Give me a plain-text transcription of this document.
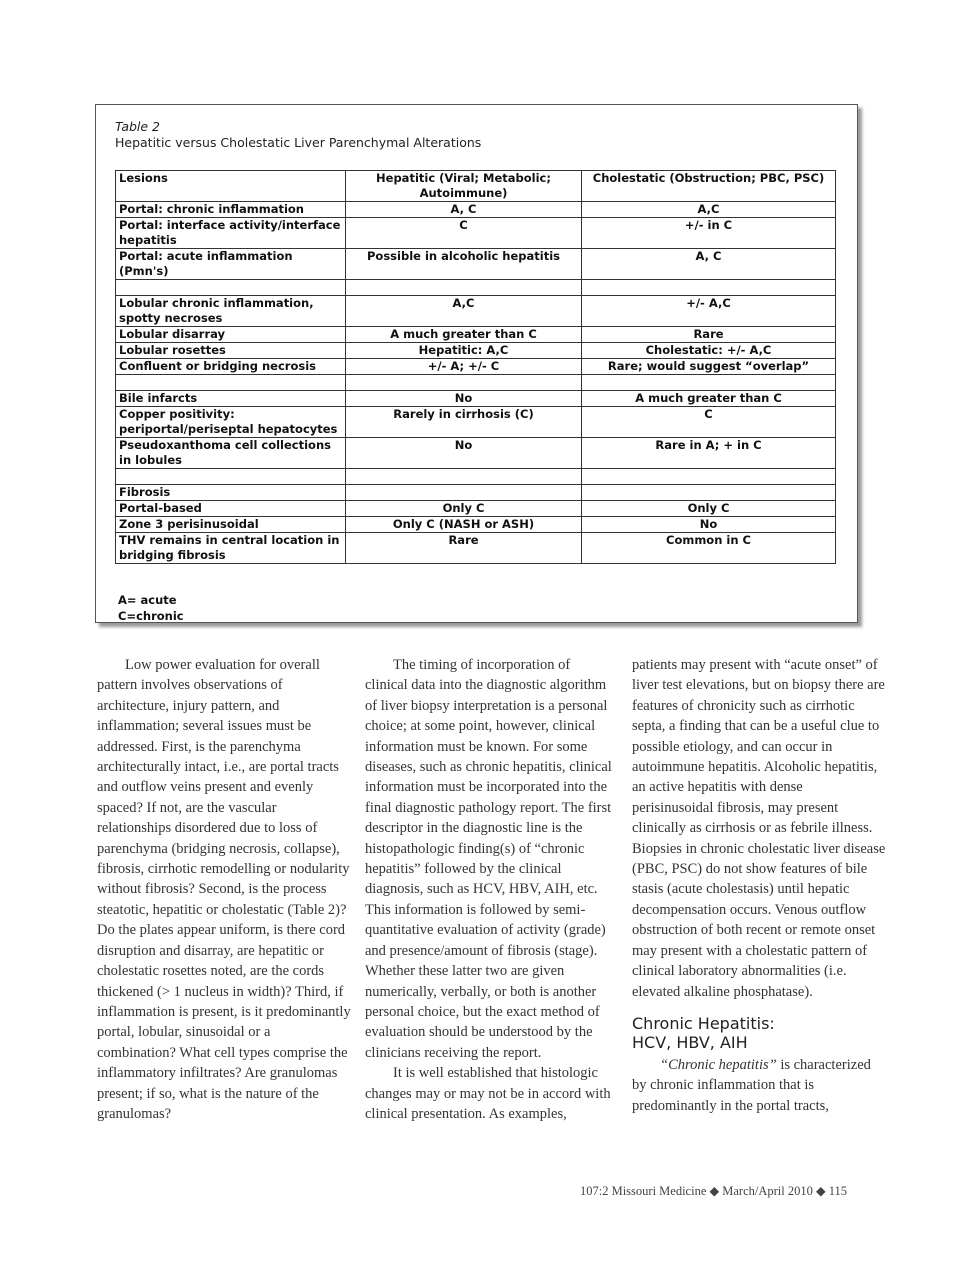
Table 2
Hepatitic versus Cholestatic Liver Parenchymal Alterations
Lesions	Hepatitic (Viral; Metabolic; Autoimmune)	Cholestatic (Obstruction; PBC, PSC)
Portal: chronic inflammation	A, C	A,C
Portal: interface activity/interface hepatitis	C	+/- in C
Portal: acute inflammation (Pmn's)	Possible in alcoholic hepatitis	A, C

Lobular chronic inflammation, spotty necroses	A,C	+/- A,C
Lobular disarray	A much greater than C	Rare
Lobular rosettes	Hepatitic: A,C	Cholestatic: +/- A,C
Confluent or bridging necrosis	+/- A; +/- C	Rare; would suggest “overlap”

Bile infarcts	No	A much greater than C
Copper positivity: periportal/periseptal hepatocytes	Rarely in cirrhosis (C)	C
Pseudoxanthoma cell collections in lobules	No	Rare in A; + in C

Fibrosis		
Portal-based	Only C	Only C
Zone 3 perisinusoidal	Only C (NASH or ASH)	No
THV remains in central location in bridging fibrosis	Rare	Common in C
A= acute
C=chronic

Low power evaluation for overall pattern involves observations of architecture, injury pattern, and inflammation; several issues must be addressed. First, is the parenchyma architecturally intact, i.e., are portal tracts and outflow veins present and evenly spaced? If not, are the vascular relationships disordered due to loss of parenchyma (bridging necrosis, collapse), fibrosis, cirrhotic remodelling or nodularity without fibrosis? Second, is the process steatotic, hepatitic or cholestatic (Table 2)? Do the plates appear uniform, is there cord disruption and disarray, are hepatitic or cholestatic rosettes noted, are the cords thickened (> 1 nucleus in width)? Third, if inflammation is present, is it predominantly portal, lobular, sinusoidal or a combination? What cell types comprise the inflammatory infiltrates? Are granulomas present; if so, what is the nature of the granulomas?

The timing of incorporation of clinical data into the diagnostic algorithm of liver biopsy interpretation is a personal choice; at some point, however, clinical information must be known. For some diseases, such as chronic hepatitis, clinical information must be incorporated into the final diagnostic pathology report. The first descriptor in the diagnostic line is the histopathologic finding(s) of “chronic hepatitis” followed by the clinical diagnosis, such as HCV, HBV, AIH, etc. This information is followed by semi-quantitative evaluation of activity (grade) and presence/amount of fibrosis (stage). Whether these latter two are given numerically, verbally, or both is another personal choice, but the exact method of evaluation should be understood by the clinicians receiving the report.

It is well established that histologic changes may or may not be in accord with clinical presentation. As examples,

patients may present with “acute onset” of liver test elevations, but on biopsy there are features of chronicity such as cirrhotic septa, a finding that can be a useful clue to possible etiology, and can occur in autoimmune hepatitis. Alcoholic hepatitis, an active hepatitis with dense perisinusoidal fibrosis, may present clinically as cirrhosis or as febrile illness. Biopsies in chronic cholestatic liver disease (PBC, PSC) do not show features of bile stasis (acute cholestasis) until hepatic decompensation occurs. Venous outflow obstruction of both recent or remote onset may present with a cholestatic pattern of clinical laboratory abnormalities (i.e. elevated alkaline phosphatase).

Chronic Hepatitis:
HCV, HBV, AIH

“Chronic hepatitis” is characterized by chronic inflammation that is predominantly in the portal tracts,

107:2 Missouri Medicine ◆ March/April 2010 ◆ 115
